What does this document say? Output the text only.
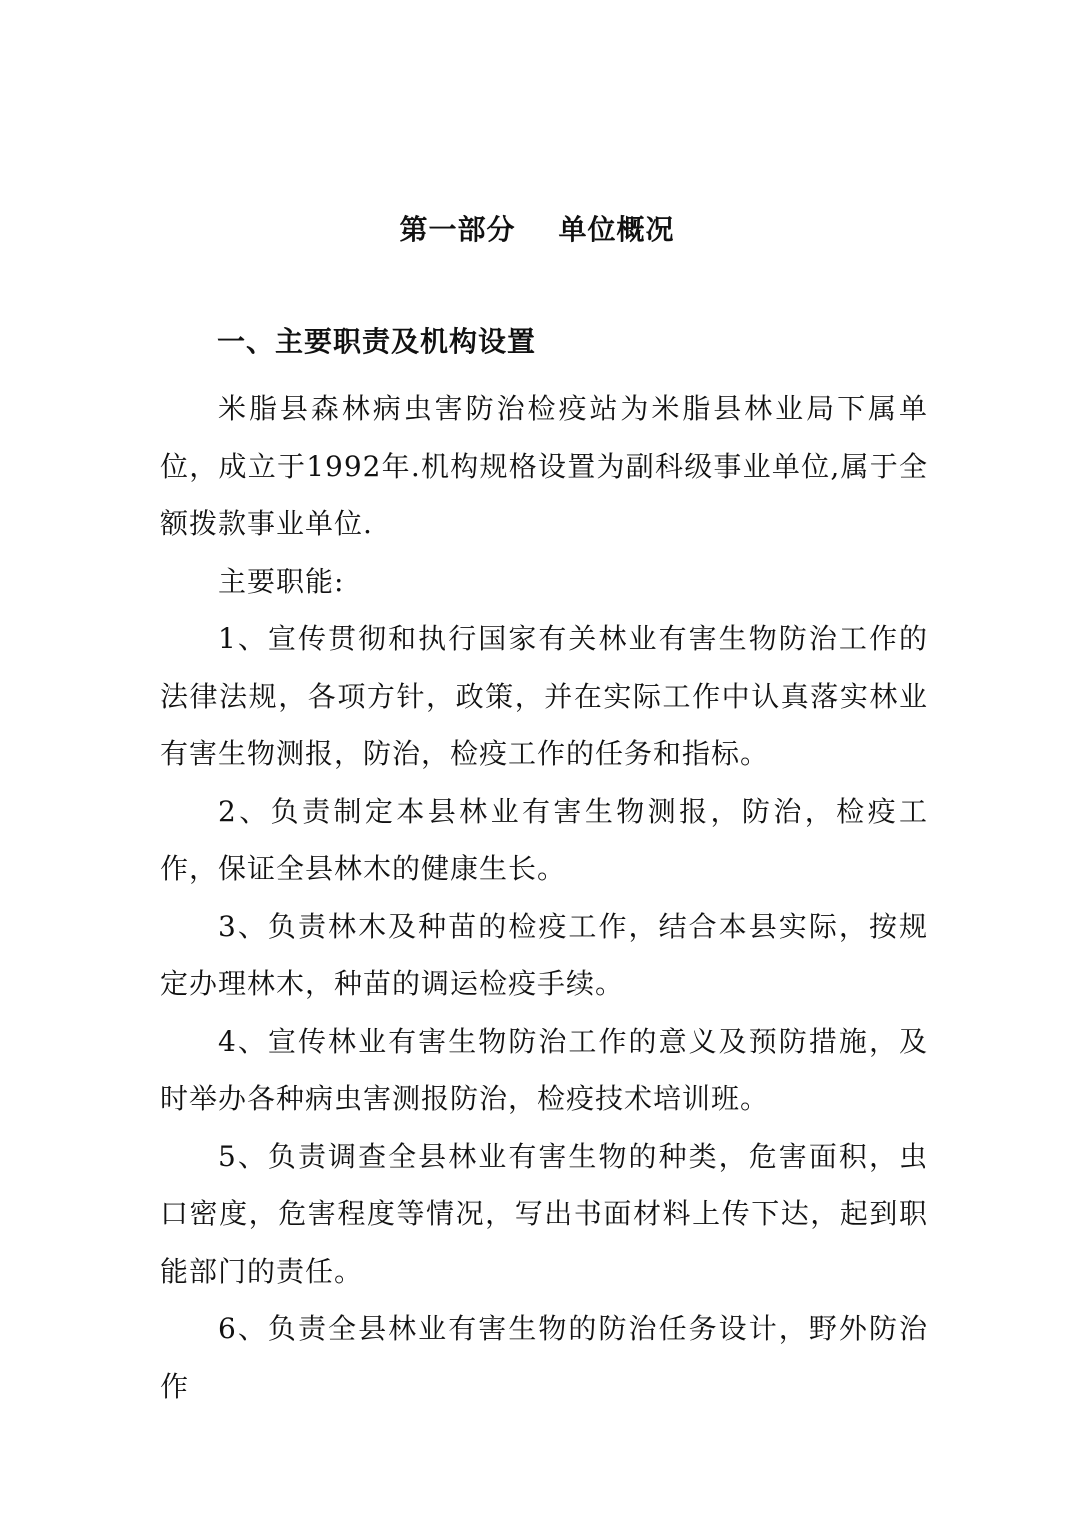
第一部分    单位概况
一、主要职责及机构设置

米脂县森林病虫害防治检疫站为米脂县林业局下属单位，成立于1992年.机构规格设置为副科级事业单位,属于全额拨款事业单位.

主要职能:

1、宣传贯彻和执行国家有关林业有害生物防治工作的法律法规，各项方针，政策，并在实际工作中认真落实林业有害生物测报，防治，检疫工作的任务和指标。

2、负责制定本县林业有害生物测报，防治，检疫工作，保证全县林木的健康生长。

3、负责林木及种苗的检疫工作，结合本县实际，按规定办理林木，种苗的调运检疫手续。

4、宣传林业有害生物防治工作的意义及预防措施，及时举办各种病虫害测报防治，检疫技术培训班。

5、负责调查全县林业有害生物的种类，危害面积，虫口密度，危害程度等情况，写出书面材料上传下达，起到职能部门的责任。

6、负责全县林业有害生物的防治任务设计，野外防治作
